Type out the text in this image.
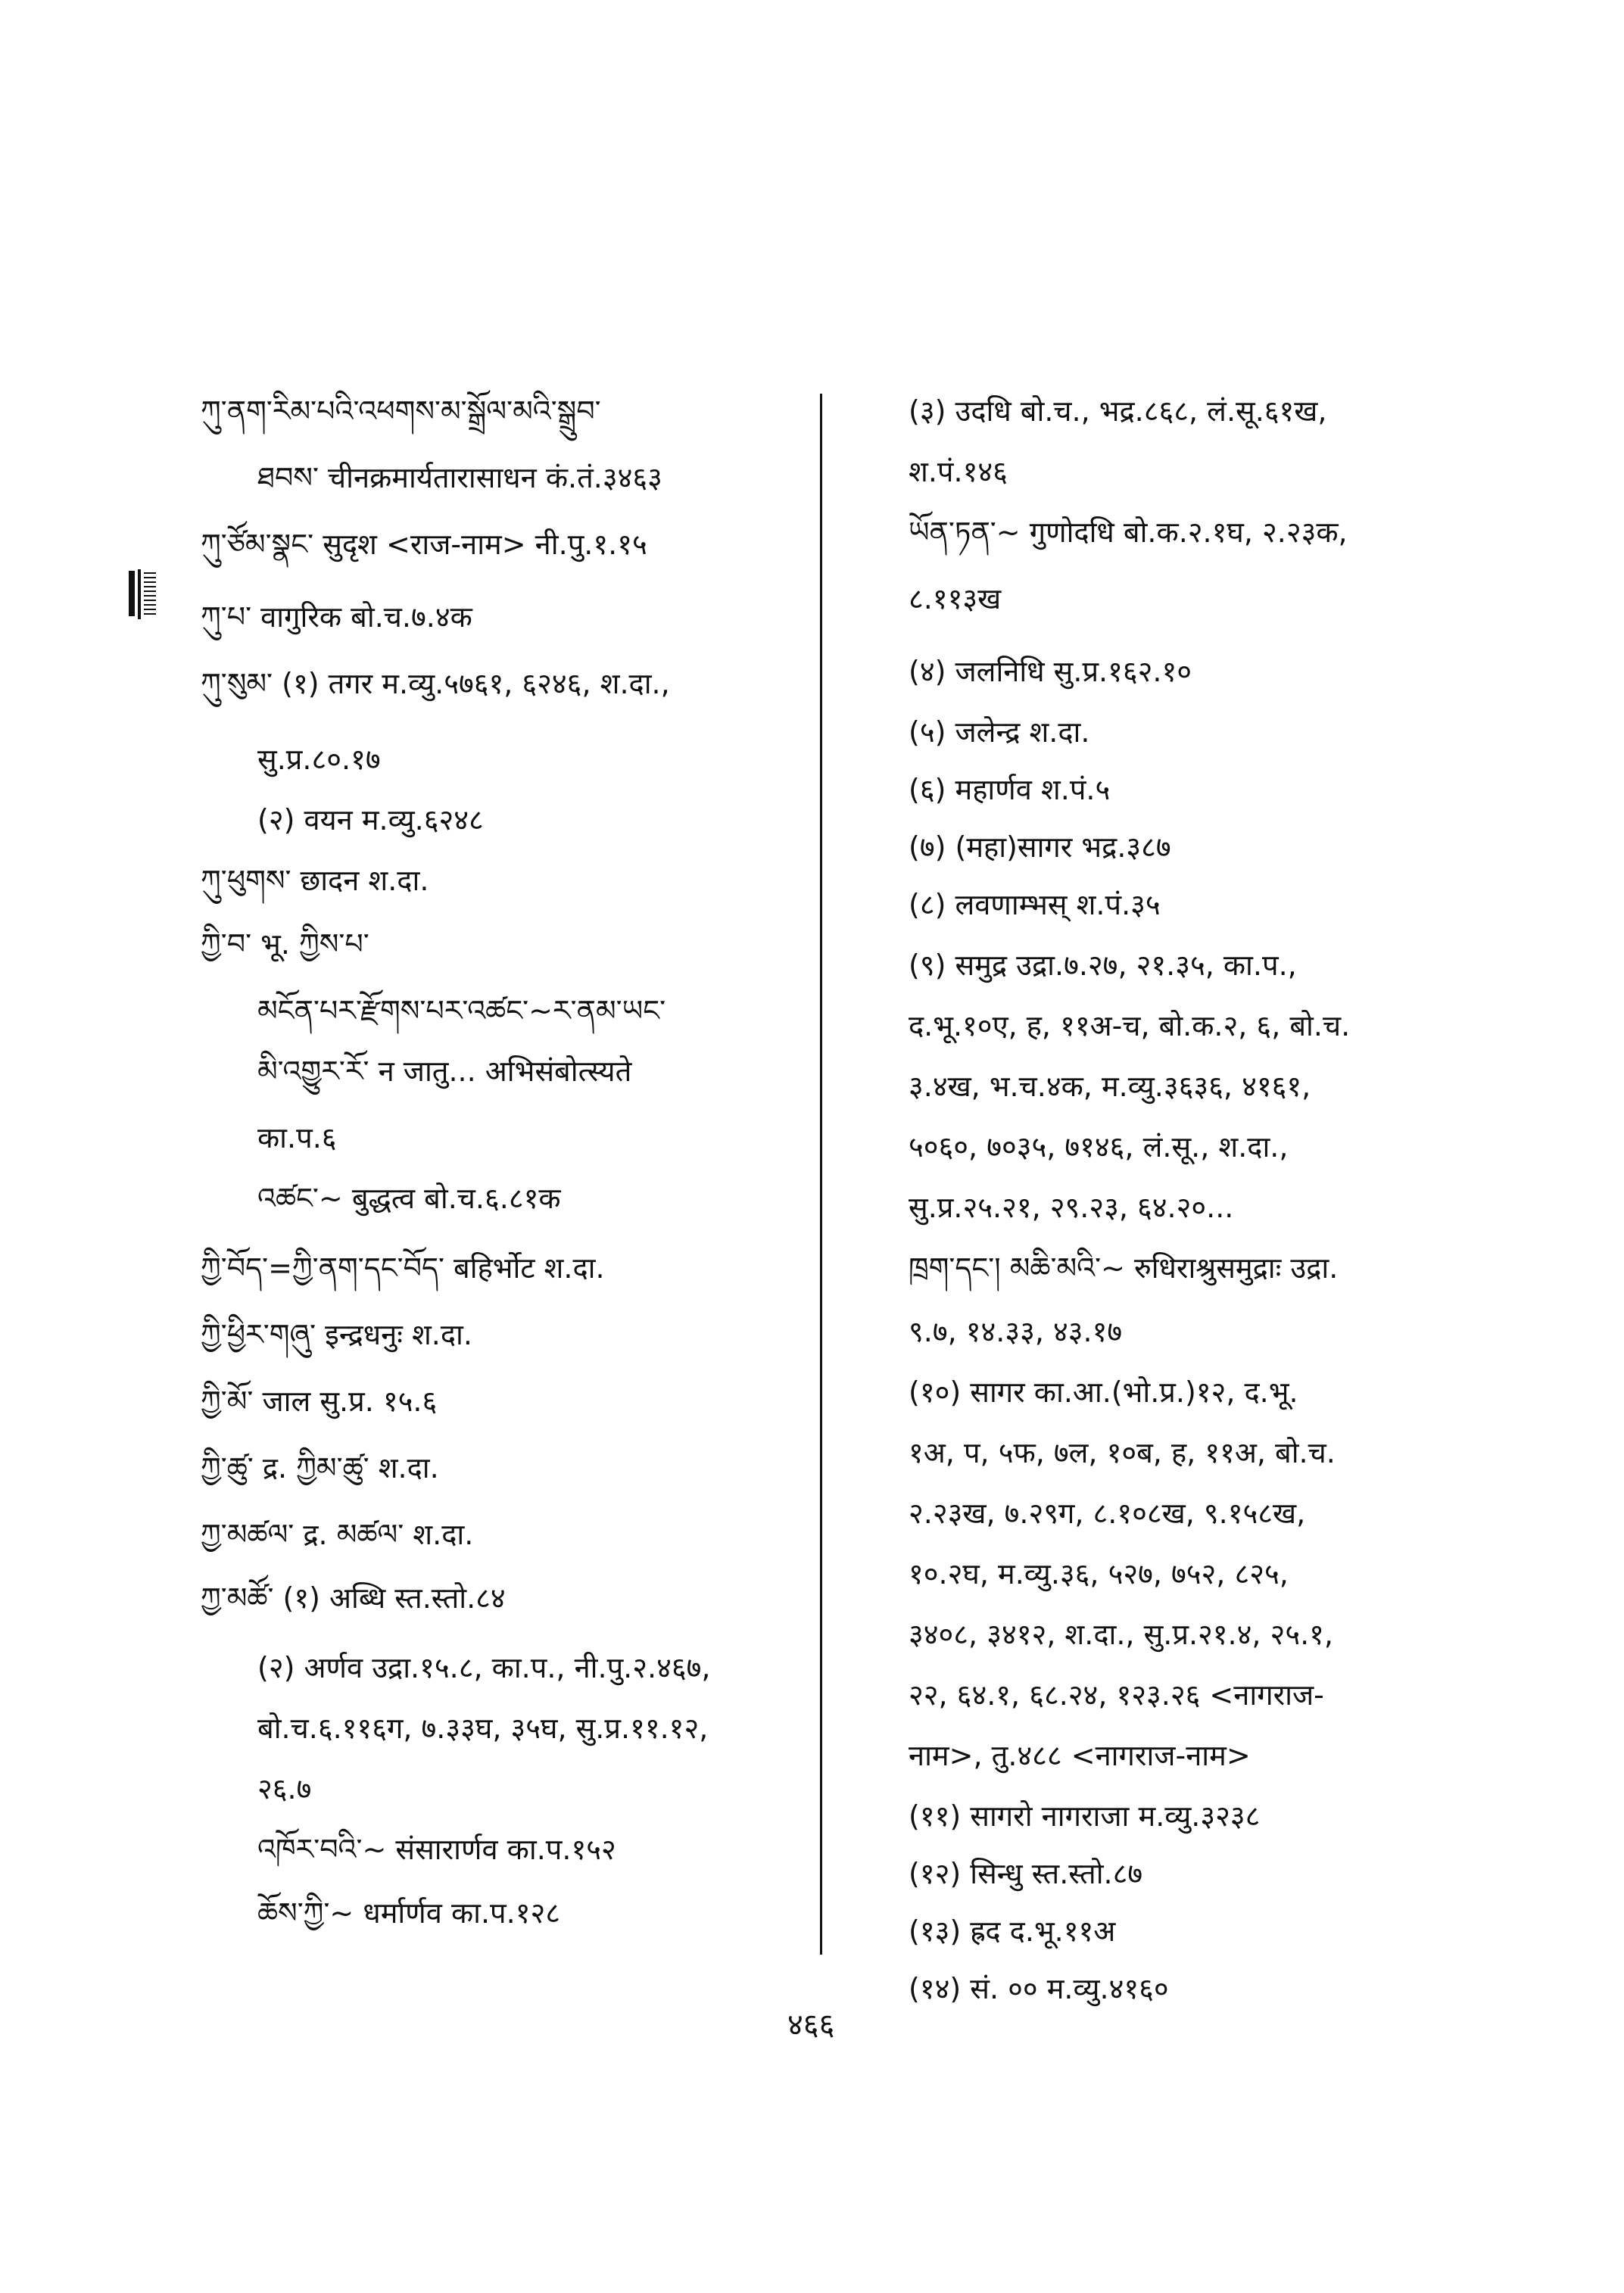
ཀུ་ནག་རིམ་པའི་འཕགས་མ་སྒྲོལ་མའི་སྒྲུབ་
ཐབས་ चीनक्रमार्यतारासाधन कं.तं.३४६३
ཀུ་ཙོམ་སྣང་ सुदृश <राज-नाम> नी.पु.१.१५
ཀུ་པ་ वागुरिक बो.च.७.४क
ཀུ་སུམ་ (१) तगर म.व्यु.५७६१, ६२४६, श.दा.,
सु.प्र.८०.१७
(२) वयन म.व्यु.६२४८
ཀུ་ཕུགས་ छादन श.दा.
ཀྱི་བ་ भू. ཀྱིས་པ་
མངོན་པར་རྫོགས་པར་འཚང་~ར་ནམ་ཡང་
མི་འགྱུར་རོ་ न जातु... अभिसंबोत्स्यते
का.प.६
འཚང་~ बुद्धत्व बो.च.६.८१क
ཀྱི་བོད་=ཀྱི་ནག་དང་བོད་ बहिर्भोट श.दा.
ཀྱི་ཕྱིར་གཞུ་ इन्द्रधनुः श.दा.
ཀྱི་མོ་ जाल सु.प्र. १५.६
ཀྱི་ཚུ་ द्र. ཀྱིམ་ཚུ་ श.दा.
ཀྱ་མཚལ་ द्र. མཚལ་ श.दा.
ཀྱ་མཚོ་ (१) अब्धि स्त.स्तो.८४
(२) अर्णव उद्रा.१५.८, का.प., नी.पु.२.४६७,
बो.च.६.११६ग, ७.३३घ, ३५घ, सु.प्र.११.१२,
२६.७
འཁོར་བའི་~ संसारार्णव का.प.१५२
ཆོས་ཀྱི་~ धर्मार्णव का.प.१२८
(३) उदधि बो.च., भद्र.८६८, लं.सू.६१ख,
श.पं.१४६
ཡོན་ཏན་~ गुणोदधि बो.क.२.१घ, २.२३क,
८.११३ख
(४) जलनिधि सु.प्र.१६२.१०
(५) जलेन्द्र श.दा.
(६) महार्णव श.पं.५
(७) (महा)सागर भद्र.३८७
(८) लवणाम्भस् श.पं.३५
(९) समुद्र उद्रा.७.२७, २१.३५, का.प.,
द.भू.१०ए, ह, ११अ-च, बो.क.२, ६, बो.च.
३.४ख, भ.च.४क, म.व्यु.३६३६, ४१६१,
५०६०, ७०३५, ७१४६, लं.सू., श.दा.,
सु.प्र.२५.२१, २९.२३, ६४.२०...
ཁྲག་དང་། མཆི་མའི་~ रुधिराश्रुसमुद्राः उद्रा.
९.७, १४.३३, ४३.१७
(१०) सागर का.आ.(भो.प्र.)१२, द.भू.
१अ, प, ५फ, ७ल, १०ब, ह, ११अ, बो.च.
२.२३ख, ७.२९ग, ८.१०८ख, ९.१५८ख,
१०.२घ, म.व्यु.३६, ५२७, ७५२, ८२५,
३४०८, ३४१२, श.दा., सु.प्र.२१.४, २५.१,
२२, ६४.१, ६८.२४, १२३.२६ <नागराज-
नाम>, तु.४८८ <नागराज-नाम>
(११) सागरो नागराजा म.व्यु.३२३८
(१२) सिन्धु स्त.स्तो.८७
(१३) ह्रद द.भू.११अ
(१४) सं. ०० म.व्यु.४१६०
४६६
